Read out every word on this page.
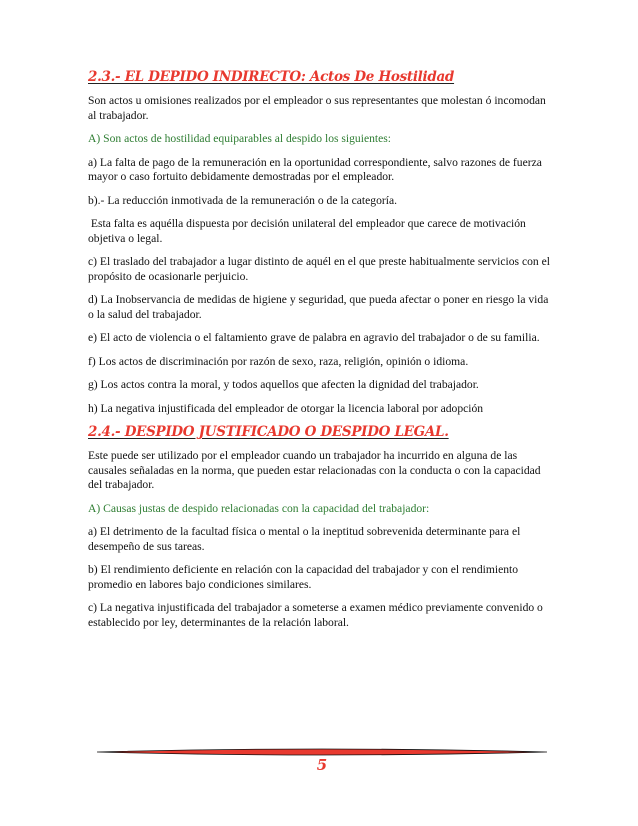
2.3.- EL DEPIDO INDIRECTO: Actos De Hostilidad

Son actos u omisiones realizados por el empleador o sus representantes que molestan ó incomodan al trabajador.

A) Son actos de hostilidad equiparables al despido los siguientes:

a) La falta de pago de la remuneración en la oportunidad correspondiente, salvo razones de fuerza mayor o caso fortuito debidamente demostradas por el empleador.

b).- La reducción inmotivada de la remuneración o de la categoría.

Esta falta es aquélla dispuesta por decisión unilateral del empleador que carece de motivación objetiva o legal.

c) El traslado del trabajador a lugar distinto de aquél en el que preste habitualmente servicios con el propósito de ocasionarle perjuicio.

d) La Inobservancia de medidas de higiene y seguridad, que pueda afectar o poner en riesgo la vida o la salud del trabajador.

e) El acto de violencia o el faltamiento grave de palabra en agravio del trabajador o de su familia.

f) Los actos de discriminación por razón de sexo, raza, religión, opinión o idioma.

g) Los actos contra la moral, y todos aquellos que afecten la dignidad del trabajador.

h) La negativa injustificada del empleador de otorgar la licencia laboral por adopción

2.4.- DESPIDO JUSTIFICADO O DESPIDO LEGAL.

Este puede ser utilizado por el empleador cuando un trabajador ha incurrido en alguna de las causales señaladas en la norma, que pueden estar relacionadas con la conducta o con la capacidad del trabajador.

A) Causas justas de despido relacionadas con la capacidad del trabajador:

a) El detrimento de la facultad física o mental o la ineptitud sobrevenida determinante para el desempeño de sus tareas.

b) El rendimiento deficiente en relación con la capacidad del trabajador y con el rendimiento promedio en labores bajo condiciones similares.

c) La negativa injustificada del trabajador a someterse a examen médico previamente convenido o establecido por ley, determinantes de la relación laboral.

5
